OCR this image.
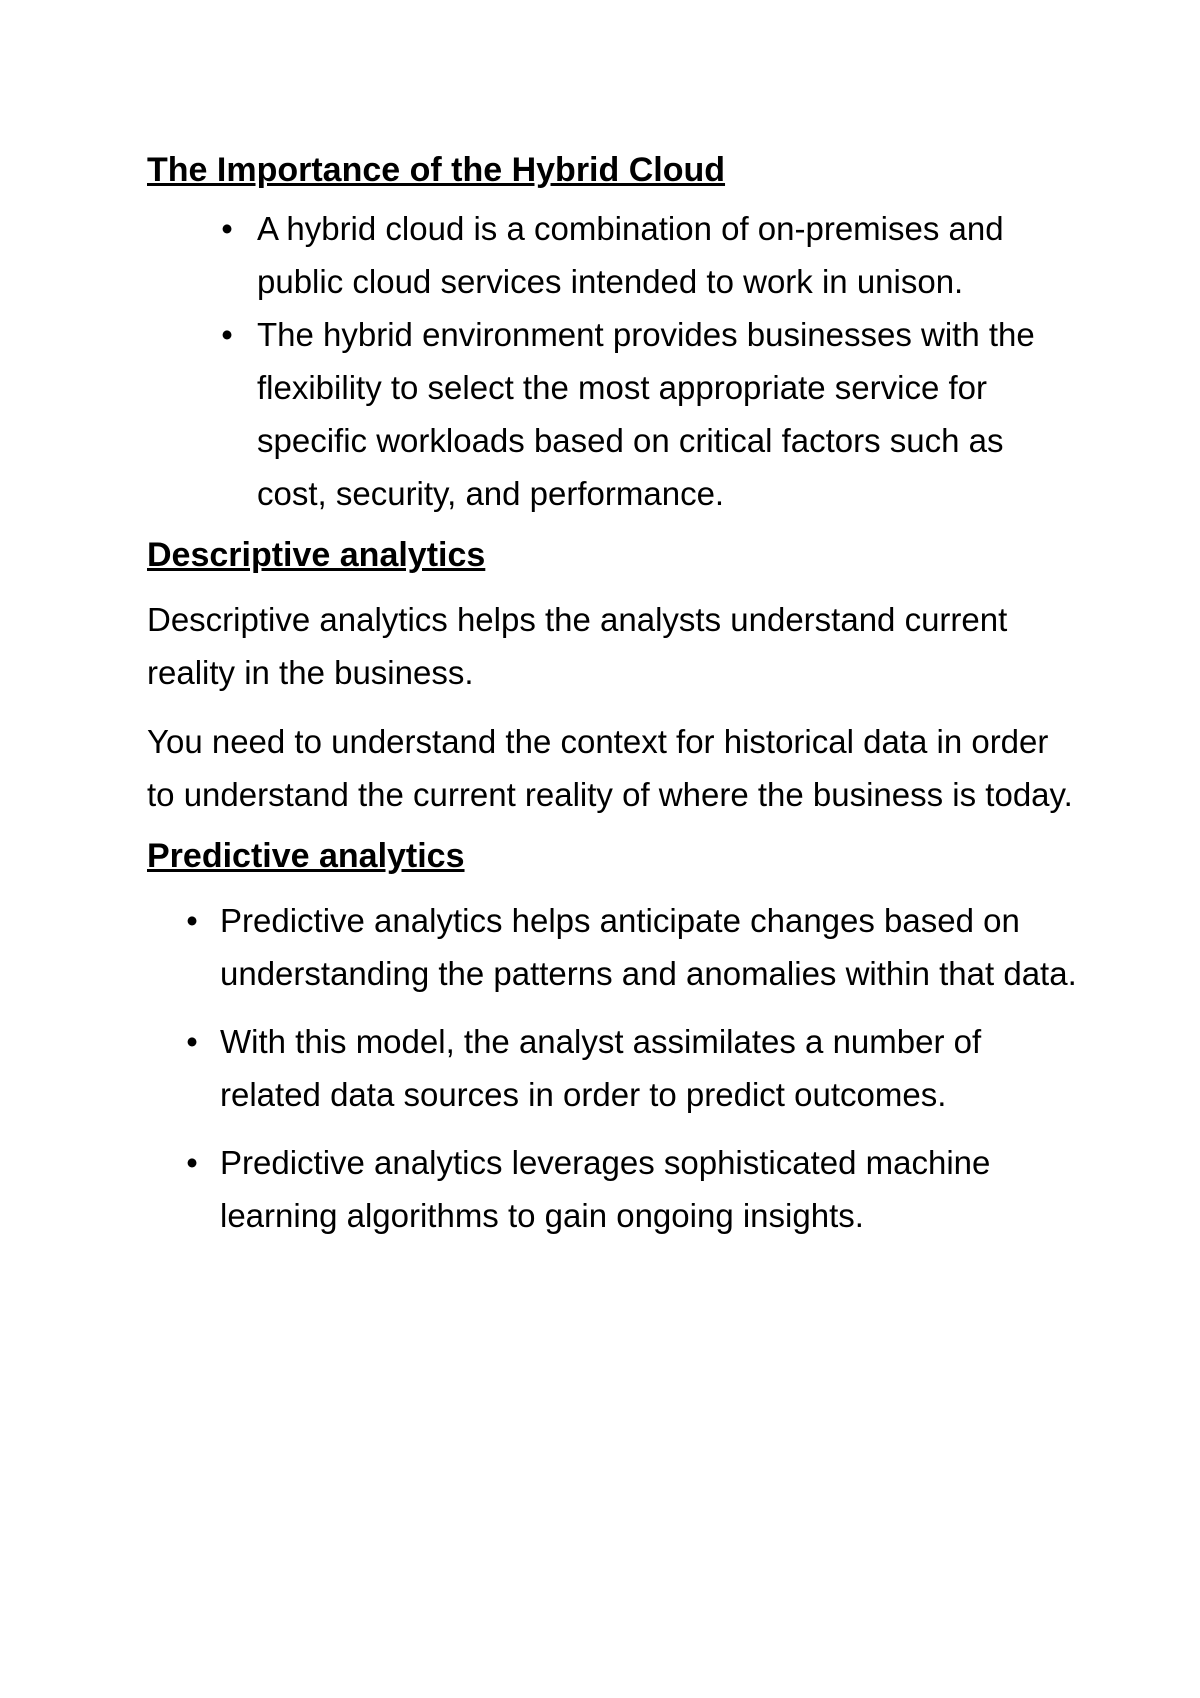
The Importance of the Hybrid Cloud
• A hybrid cloud is a combination of on-premises and public cloud services intended to work in unison.
• The hybrid environment provides businesses with the flexibility to select the most appropriate service for specific workloads based on critical factors such as cost, security, and performance.
Descriptive analytics

Descriptive analytics helps the analysts understand current reality in the business.

You need to understand the context for historical data in order to understand the current reality of where the business is today.

Predictive analytics
• Predictive analytics helps anticipate changes based on understanding the patterns and anomalies within that data.
• With this model, the analyst assimilates a number of related data sources in order to predict outcomes.
• Predictive analytics leverages sophisticated machine learning algorithms to gain ongoing insights.
